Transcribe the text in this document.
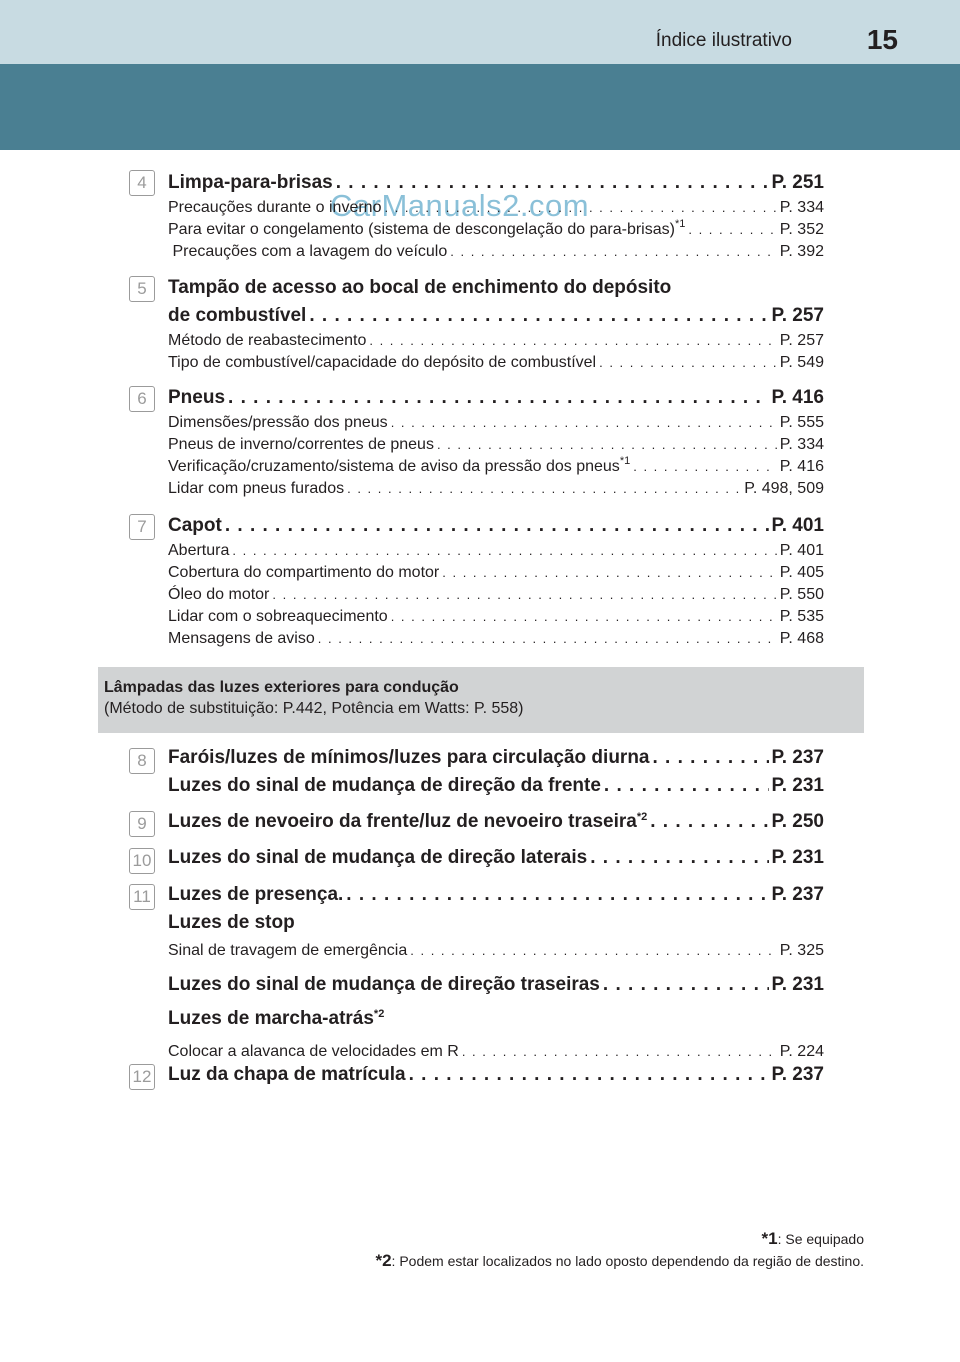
Índice ilustrativo	15
CarManuals2.com
4	Limpa-para-brisas . . .	P. 251
Precauções durante o inverno . . .	P. 334
Para evitar o congelamento (sistema de descongelação do para-brisas)$^{*1}$ . . .	P. 352
Precauções com a lavagem do veículo . . .	P. 392
5	Tampão de acesso ao bocal de enchimento do depósito
de combustível . . .	P. 257
Método de reabastecimento . . .	P. 257
Tipo de combustível/capacidade do depósito de combustível . . .	P. 549
6	Pneus . . .	P. 416
Dimensões/pressão dos pneus . . .	P. 555
Pneus de inverno/correntes de pneus . . .	P. 334
Verificação/cruzamento/sistema de aviso da pressão dos pneus$^{*1}$ . . .	P. 416
Lidar com pneus furados . . .	P. 498, 509
7	Capot . . .	P. 401
Abertura . . .	P. 401
Cobertura do compartimento do motor . . .	P. 405
Óleo do motor . . .	P. 550
Lidar com o sobreaquecimento . . .	P. 535
Mensagens de aviso . . .	P. 468
Lâmpadas das luzes exteriores para condução
(Método de substituição: P.442, Potência em Watts: P. 558)
8	Faróis/luzes de mínimos/luzes para circulação diurna . . .	P. 237
Luzes do sinal de mudança de direção da frente . . .	P. 231
9	Luzes de nevoeiro da frente/luz de nevoeiro traseira$^{*2}$ . . .	P. 250
10 Luzes do sinal de mudança de direção laterais . . .	P. 231
11 Luzes de presença. . . .	P. 237
Luzes de stop
Sinal de travagem de emergência . . .	P. 325
Luzes do sinal de mudança de direção traseiras . . .	P. 231
Luzes de marcha-atrás$^{*2}$
Colocar a alavanca de velocidades em R . . .	P. 224
12 Luz da chapa de matrícula . . .	P. 237
*1: Se equipado
*2: Podem estar localizados no lado oposto dependendo da região de destino.
